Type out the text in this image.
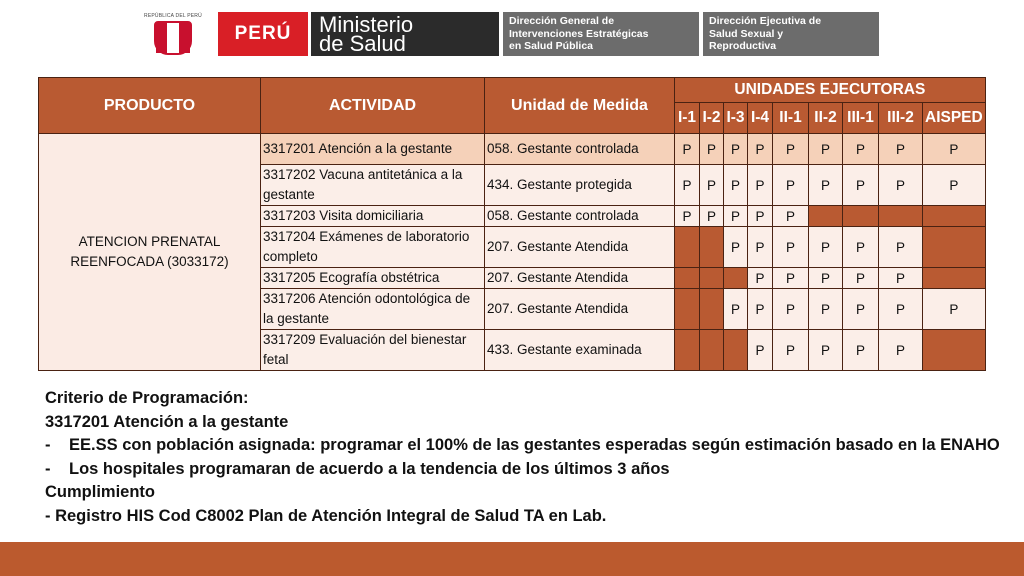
REPÚBLICA DEL PERÚ
PERÚ	Ministerio
de Salud
Dirección General de
Intervenciones Estratégicas
en Salud Pública
Dirección Ejecutiva de
Salud Sexual y
Reproductiva
PRODUCTO	ACTIVIDAD	Unidad de Medida	UNIDADES EJECUTORAS								
			I-1	I-2	I-3	I-4	II-1	II-2	III-1	III-2	AISPED

ATENCION PRENATAL
REENFOCADA (3033172)	3317201 Atención a la gestante	058. Gestante controlada	P	P	P	P	P	P	P	P	P
	3317202 Vacuna antitetánica a la gestante	434. Gestante protegida	P	P	P	P	P	P	P	P	P
	3317203 Visita domiciliaria	058. Gestante controlada	P	P	P	P	P				
	3317204 Exámenes de laboratorio completo	207. Gestante Atendida			P	P	P	P	P	P	
	3317205 Ecografía obstétrica	207. Gestante Atendida				P	P	P	P	P	
	3317206 Atención odontológica de la gestante	207. Gestante Atendida			P	P	P	P	P	P	P
	3317209 Evaluación del bienestar fetal	433. Gestante examinada				P	P	P	P	P	
Criterio de Programación:
3317201 Atención a la gestante
-	EE.SS con población asignada: programar el 100% de las gestantes esperadas según estimación basado en la ENAHO
-	Los hospitales programaran de acuerdo a la tendencia de los últimos 3 años
Cumplimiento
- Registro HIS Cod C8002 Plan de Atención Integral de Salud TA en Lab.
